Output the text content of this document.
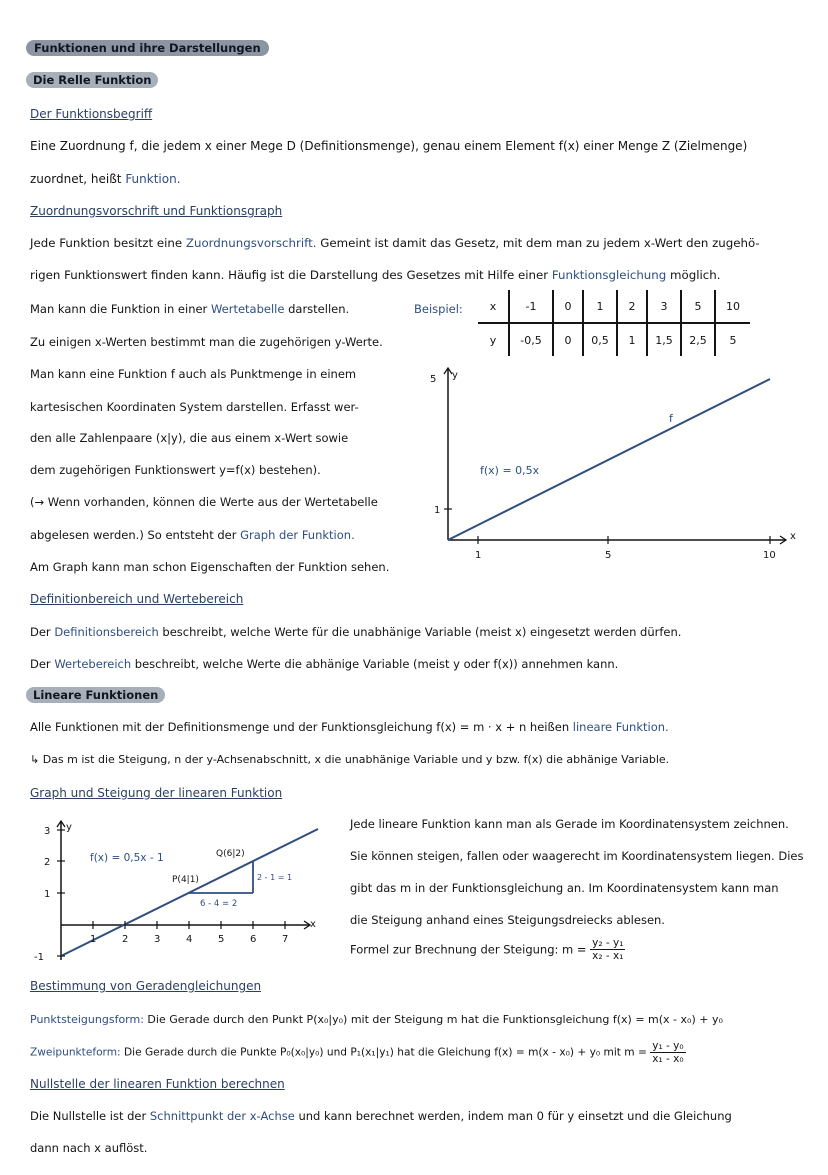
Funktionen und ihre Darstellungen
Die Relle Funktion
Der Funktionsbegriff
Eine Zuordnung f, die jedem x einer Mege D (Definitionsmenge), genau einem Element f(x) einer Menge Z (Zielmenge)
zuordnet, heißt Funktion.
Zuordnungsvorschrift und Funktionsgraph
Jede Funktion besitzt eine Zuordnungsvorschrift. Gemeint ist damit das Gesetz, mit dem man zu jedem x-Wert den zugehö-
rigen Funktionswert finden kann. Häufig ist die Darstellung des Gesetzes mit Hilfe einer Funktionsgleichung möglich.
Man kann die Funktion in einer Wertetabelle darstellen.
Zu einigen x-Werten bestimmt man die zugehörigen y-Werte.
Man kann eine Funktion f auch als Punktmenge in einem
kartesischen Koordinaten System darstellen. Erfasst wer-
den alle Zahlenpaare (x|y), die aus einem x-Wert sowie
dem zugehörigen Funktionswert y=f(x) bestehen).
(→ Wenn vorhanden, können die Werte aus der Wertetabelle
abgelesen werden.) So entsteht der Graph der Funktion.
Am Graph kann man schon Eigenschaften der Funktion sehen.
Beispiel: x	-1	0	1	2	3	5	10
y	-0,5	0	0,5	1	1,5	2,5	5
5 y
1
x
1	5	10
f
f(x) = 0,5x
Definitionbereich und Wertebereich
Der Definitionsbereich beschreibt, welche Werte für die unabhänige Variable (meist x) eingesetzt werden dürfen.
Der Wertebereich beschreibt, welche Werte die abhänige Variable (meist y oder f(x)) annehmen kann.
Lineare Funktionen
Alle Funktionen mit der Definitionsmenge und der Funktionsgleichung f(x) = m · x + n heißen lineare Funktion.
↳ Das m ist die Steigung, n der y-Achsenabschnitt, x die unabhänige Variable und y bzw. f(x) die abhänige Variable.
Graph und Steigung der linearen Funktion
y
x
3
2
1
-1
1	2	3	4	5	6	7
f(x) = 0,5x - 1
P(4|1)
Q(6|2)
6 - 4 = 2
2 - 1 = 1
Jede lineare Funktion kann man als Gerade im Koordinatensystem zeichnen.
Sie können steigen, fallen oder waagerecht im Koordinatensystem liegen. Dies
gibt das m in der Funktionsgleichung an. Im Koordinatensystem kann man
die Steigung anhand eines Steigungsdreiecks ablesen.
Formel zur Brechnung der Steigung: $m = \frac{\text{y₂ - y₁}}{\text{x₂ - x₁}}$
Bestimmung von Geradengleichungen
Punktsteigungsform: Die Gerade durch den Punkt P(x₀|y₀) mit der Steigung m hat die Funktionsgleichung f(x) = m(x - x₀) + y₀
Zweipunkteform: Die Gerade durch die Punkte P₀(x₀|y₀) und P₁(x₁|y₁) hat die Gleichung f(x) = m(x - x₀) + y₀ mit $m = \frac{\text{y₁ - y₀}}{\text{x₁ - x₀}}$
Nullstelle der linearen Funktion berechnen
Die Nullstelle ist der Schnittpunkt der x-Achse und kann berechnet werden, indem man 0 für y einsetzt und die Gleichung
dann nach x auflöst.
